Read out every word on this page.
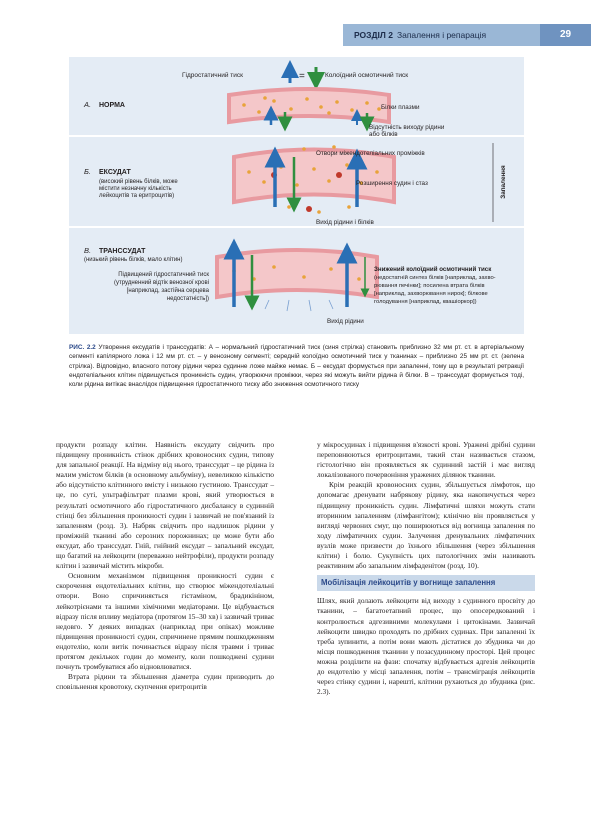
РОЗДІЛ 2 Запалення і репарація	29
Гідростатичний тиск	=	Колоїдний осмотичний тиск
А. НОРМА	Білки плазми
Відсутність виходу рідини
або білків
Б. ЕКСУДАТ
(високий рівень білків, може
містити незначну кількість
лейкоцитів та еритроцитів)
Отвори міжендотеліальних проміжків
Розширення судин і стаз
Вихід рідини і білків
Запалення
В. ТРАНССУДАТ
(низький рівень білків, мало клітин)
Підвищений гідростатичний тиск
(утрудненний відтік венозної крові
[наприклад, застійна серцева
недостатність])
Знижений колоїдний осмотичний тиск
(недостатній синтез білків [наприклад, захво-
рювання печінки]; посилена втрата білків
[наприклад, захворювання нирок]; білкове
голодування [наприклад, квашіоркор])
Вихід рідини
РИС. 2.2 Утворення ексудатів і транссудатів: А – нормальний гідростатичний тиск (синя стрілка) становить приблизно 32 мм рт. ст. в артеріальному сегменті капілярного ложа і 12 мм рт. ст. – у венозному сегменті; середній колоїдно осмотичний тиск у тканинах – приблизно 25 мм рт. ст. (зелена стрілка). Відповідно, власного потоку рідини через судинне ложе майже немає. Б – ексудат формується при запаленні, тому що в результаті ретракції ендотеліальних клітин підвищується проникність судин, утворюючи проміжки, через які можуть вийти рідина й білки. В – транссудат формується тоді, коли рідина витікає внаслідок підвищення гідростатичного тиску або зниження осмотичного тиску

продукти розпаду клітин. Наявність ексудату свідчить про підвищену проникність стінок дрібних кровоносних судин, типову для запальної реакції. На відміну від нього, транссудат – це рідина із малим умістом білків (в основному альбуміну), невеликою кількістю або відсутністю клітинного вмісту і низькою густиною. Транссудат – це, по суті, ультрафільтрат плазми крові, який утворюється в результаті осмотичного або гідростатичного дисбалансу в судинній стінці без збільшення проникності судин і зазвичай не пов'язаний із запаленням (розд. 3). Набряк свідчить про надлишок рідини у проміжній тканині або серозних порожнинах; це може бути або ексудат, або транссудат. Гній, гнійний ексудат – запальний ексудат, що багатий на лейкоцити (переважно нейтрофіли), продукти розпаду клітин і зазвичай містить мікроби.

Основним механізмом підвищення проникності судин є скорочення ендотеліальних клітин, що створює міжендотеліальні отвори. Воно спричиняється гістаміном, брадикініном, лейкотрієнами та іншими хімічними медіаторами. Це відбувається відразу після впливу медіатора (протягом 15–30 хв) і зазвичай триває недовго. У деяких випадках (наприклад при опіках) можливе підвищення проникності судин, спричинене прямим пошкодженням ендотелію, коли витік починається відразу після травми і триває протягом декількох годин до моменту, коли пошкоджені судини почнуть тромбуватися або відновлюватися.

Втрата рідини та збільшення діаметра судин призводить до сповільнення кровотоку, скупчення еритроцитів

у мікросудинах і підвищення в'язкості крові. Уражені дрібні судини переповнюються еритроцитами, такий стан називається стазом, гістологічно він проявляється як судинний застій і має вигляд локалізованого почервоніння уражених ділянок тканини.

Крім реакцій кровоносних судин, збільшується лімфоток, що допомагає дренувати набрякову рідину, яка накопичується через підвищену проникність судин. Лімфатичні шляхи можуть стати вторинним запаленням (лімфангітом); клінічно він проявляється у вигляді червоних смуг, що поширюються від вогнища запалення по ходу лімфатичних судин. Залучення дренувальних лімфатичних вузлів може призвести до їхнього збільшення (через збільшення клітин) і болю. Сукупність цих патологічних змін називають реактивним або запальним лімфаденітом (розд. 10).

Мобілізація лейкоцитів у вогнище запалення

Шлях, який долають лейкоцити від виходу з судинного просвіту до тканини, – багатоетапний процес, що опосередкований і контролюється адгезивними молекулами і цитокінами. Зазвичай лейкоцити швидко проходять по дрібних судинах. При запаленні їх треба зупинити, а потім вони мають дістатися до збудника чи до місця пошкодження тканини у позасудинному просторі. Цей процес можна розділити на фази: спочатку відбувається адгезія лейкоцитів до ендотелію у місці запалення, потім – трансміграція лейкоцитів через стінку судини і, нарешті, клітини рухаються до збудника (рис. 2.3).
